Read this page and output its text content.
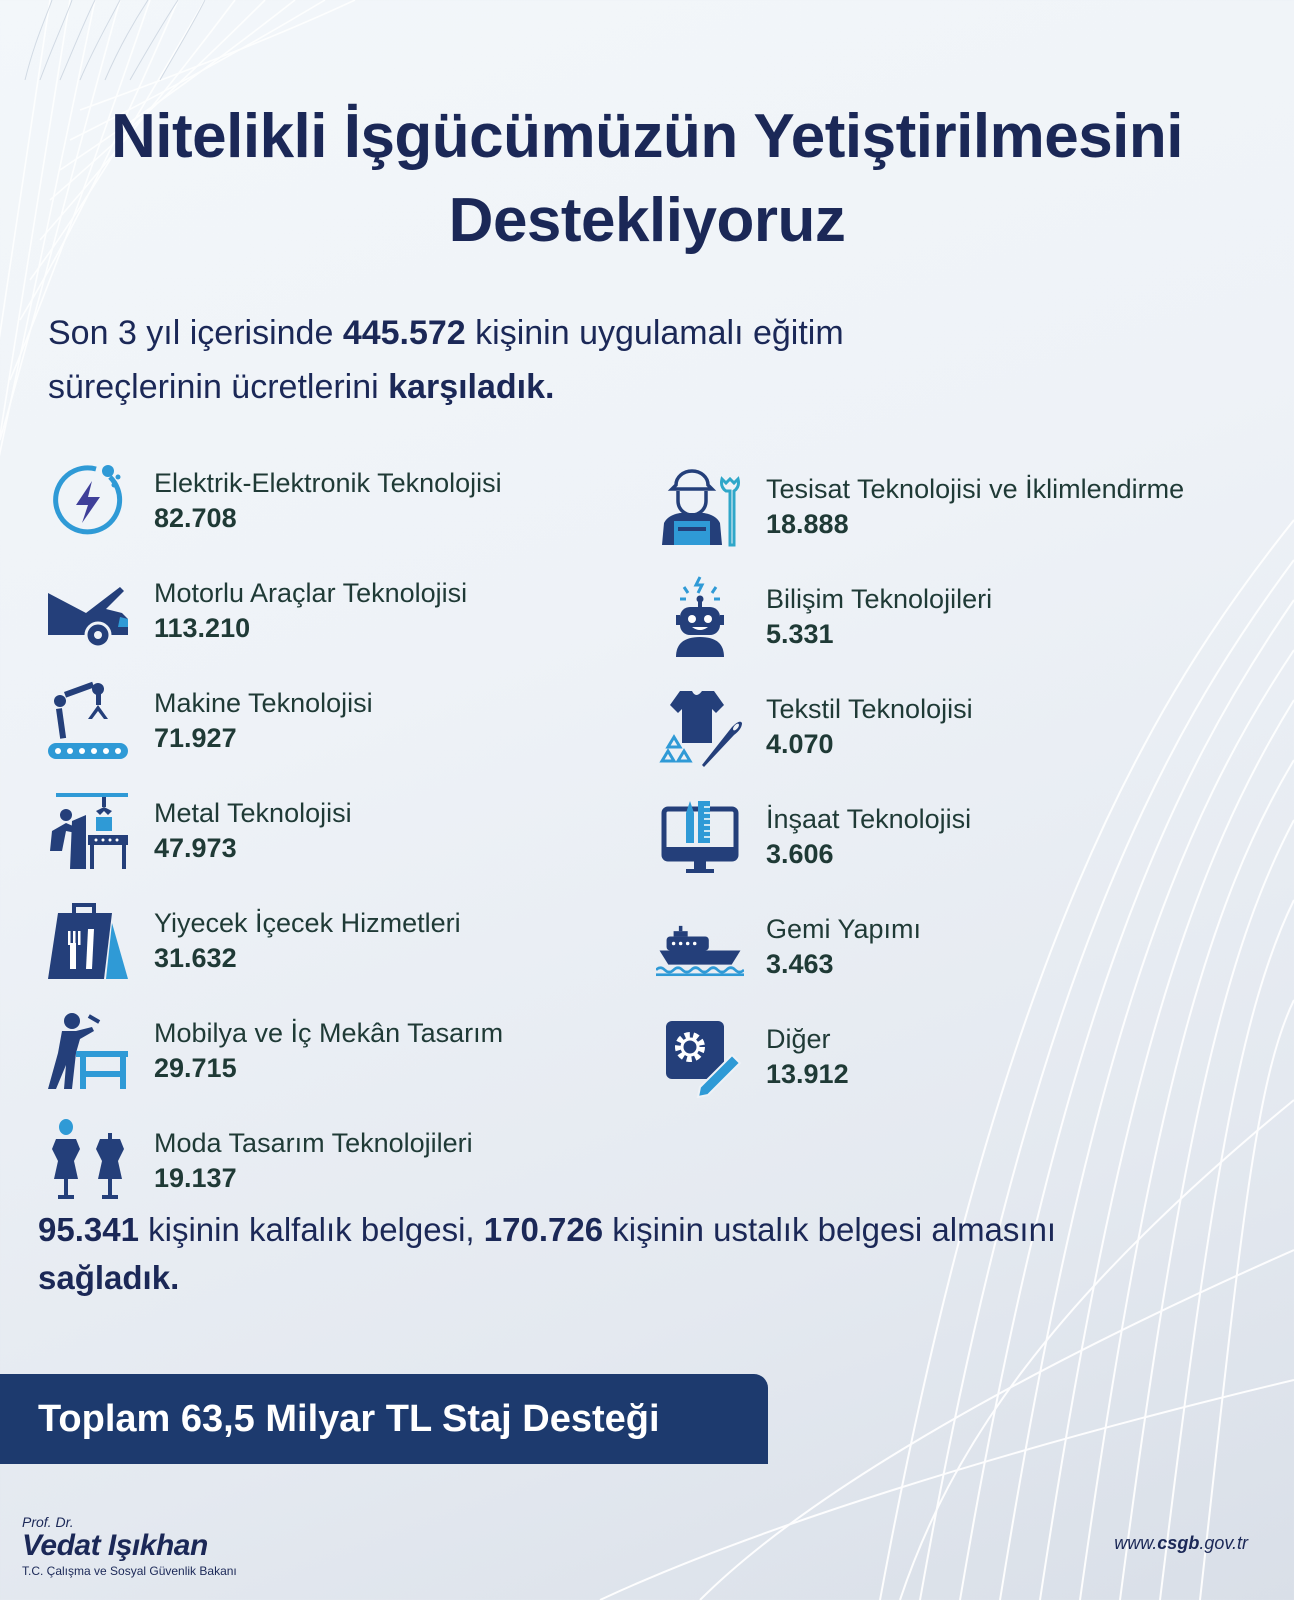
Nitelikli İşgücümüzün Yetiştirilmesini
Destekliyoruz
Son 3 yıl içerisinde 445.572 kişinin uygulamalı eğitim
süreçlerinin ücretlerini karşıladık.
Elektrik-Elektronik Teknolojisi
82.708
Motorlu Araçlar Teknolojisi
113.210
Makine Teknolojisi
71.927
Metal Teknolojisi
47.973
Yiyecek İçecek Hizmetleri
31.632
Mobilya ve İç Mekân Tasarım
29.715
Moda Tasarım Teknolojileri
19.137
Tesisat Teknolojisi ve İklimlendirme
18.888
Bilişim Teknolojileri
5.331
Tekstil Teknolojisi
4.070
İnşaat Teknolojisi
3.606
Gemi Yapımı
3.463
Diğer
13.912
95.341 kişinin kalfalık belgesi, 170.726 kişinin ustalık belgesi almasını
sağladık.
Toplam 63,5 Milyar TL Staj Desteği
Prof. Dr.
Vedat Işıkhan
T.C. Çalışma ve Sosyal Güvenlik Bakanı
www.csgb.gov.tr
